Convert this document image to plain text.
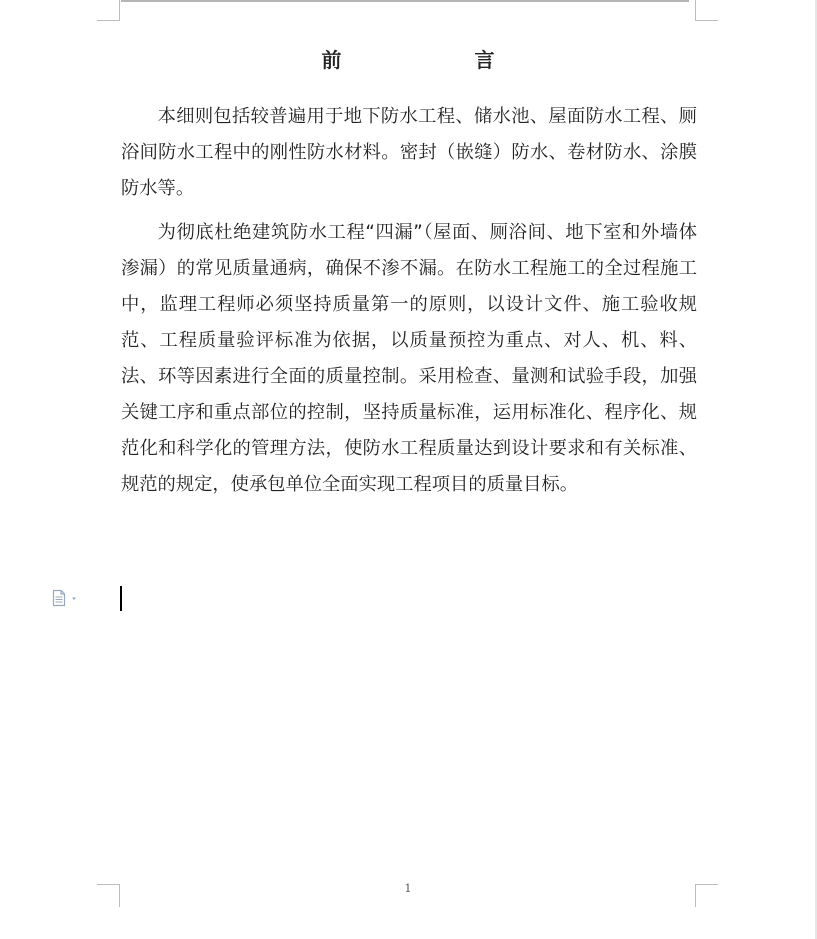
前 言

本细则包括较普遍用于地下防水工程、储水池、屋面防水工程、厕浴间防水工程中的刚性防水材料。密封（嵌缝）防水、卷材防水、涂膜防水等。

为彻底杜绝建筑防水工程“四漏”（屋面、厕浴间、地下室和外墙体渗漏）的常见质量通病，确保不渗不漏。在防水工程施工的全过程施工中，监理工程师必须坚持质量第一的原则，以设计文件、施工验收规范、工程质量验评标准为依据，以质量预控为重点、对人、机、料、法、环等因素进行全面的质量控制。采用检查、量测和试验手段，加强关键工序和重点部位的控制，坚持质量标准，运用标准化、程序化、规范化和科学化的管理方法，使防水工程质量达到设计要求和有关标准、规范的规定，使承包单位全面实现工程项目的质量目标。

1
